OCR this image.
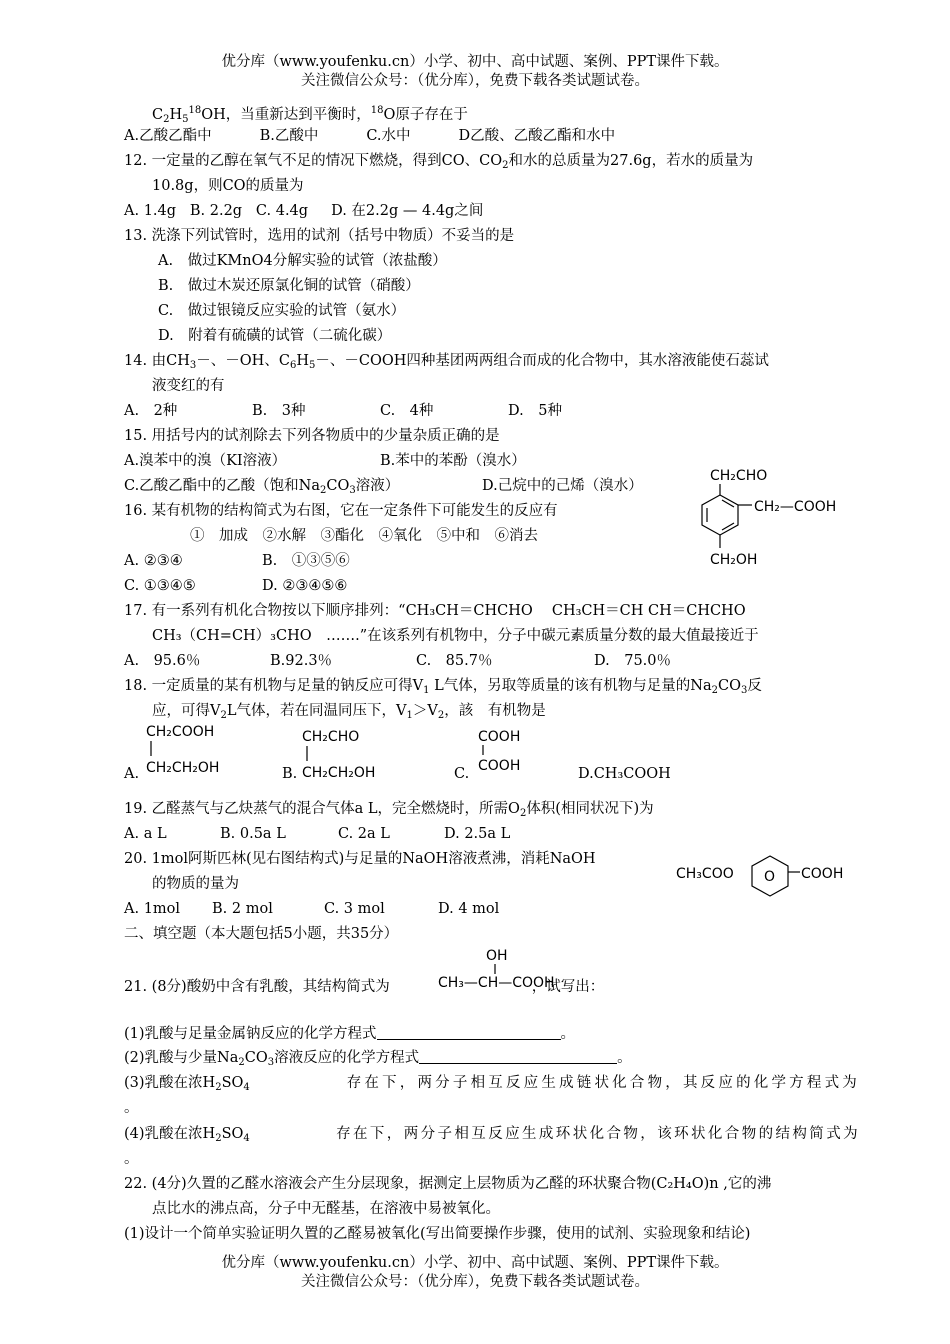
优分库（www.youfenku.cn）小学、初中、高中试题、案例、PPT课件下载。
关注微信公众号：（优分库），免费下载各类试题试卷。
$C_2H_5^{18}OH$，当重新达到平衡时，$^{18}$O原子存在于
A.乙酸乙酯中	B.乙酸中	C.水中	D乙酸、乙酸乙酯和水中
12. 一定量的乙醇在氧气不足的情况下燃烧，得到CO、$CO_2$和水的总质量为27.6g，若水的质量为
10.8g，则CO的质量为
A. 1.4g B. 2.2g C. 4.4g D. 在2.2g — 4.4g之间
13. 洗涤下列试管时，选用的试剂（括号中物质）不妥当的是
A.　做过KMnO4分解实验的试管（浓盐酸）
B.　做过木炭还原氯化铜的试管（硝酸）
C.　做过银镜反应实验的试管（氨水）
D.　附着有硫磺的试管（二硫化碳）
14. 由$CH_3-$、－OH、$C_6H_5-$、－COOH四种基团两两组合而成的化合物中，其水溶液能使石蕊试
液变红的有
A.　2种	B.　3种	C.　4种	D.　5种
15. 用括号内的试剂除去下列各物质中的少量杂质正确的是
A.溴苯中的溴（KI溶液）	B.苯中的苯酚（溴水）
C.乙酸乙酯中的乙酸（饱和$Na_2CO_3$溶液）	D.己烷中的己烯（溴水）
CH₂CHO
CH₂—COOH
CH₂OH
16. 某有机物的结构简式为右图，它在一定条件下可能发生的反应有
①　加成　②水解　③酯化　④氧化　⑤中和　⑥消去
A. ②③④	B.　①③⑤⑥
C. ①③④⑤	D. ②③④⑤⑥
17. 有一系列有机化合物按以下顺序排列：“CH₃CH＝CHCHO　 CH₃CH＝CH CH＝CHCHO
CH₃（CH=CH）₃CHO　…….”在该系列有机物中，分子中碳元素质量分数的最大值最接近于
A.　95.6％	B.92.3％	C.　85.7％	D.　75.0％
18. 一定质量的某有机物与足量的钠反应可得$V_1$ L气体，另取等质量的该有机物与足量的$Na_2CO_3$反
应，可得$V_2L$气体，若在同温同压下，$V_1>V_2$，該　有机物是
A.
CH₂COOH
CH₂CH₂OH	B.
CH₂CHO
CH₂CH₂OH	C.
COOH
COOH	D.CH₃COOH
19. 乙醛蒸气与乙炔蒸气的混合气体a L，完全燃烧时，所需$O_2$体积(相同状况下)为
A. a L	B. 0.5a L	C. 2a L	D. 2.5a L
CH₃COO O COOH
20. 1mol阿斯匹林(见右图结构式)与足量的NaOH溶液煮沸，消耗NaOH
的物质的量为
A. 1mol B. 2 mol	C. 3 mol	D. 4 mol
二、填空题（本大题包括5小题，共35分）
21. (8分)酸奶中含有乳酸，其结构简式为	，试写出：
OH
CH₃—CH—COOH
(1)乳酸与足量金属钠反应的化学方程式	。
(2)乳酸与少量$Na_2CO_3$溶液反应的化学方程式	。
(3)乳酸在浓$H_2SO_4$	存在下，两分子相互反应生成链状化合物，其反应的化学方程式为
。
(4)乳酸在浓$H_2SO_4$	存在下，两分子相互反应生成环状化合物，该环状化合物的结构简式为
。
22. (4分)久置的乙醛水溶液会产生分层现象，据测定上层物质为乙醛的环状聚合物(C₂H₄O)n ,它的沸
点比水的沸点高，分子中无醛基，在溶液中易被氧化。
(1)设计一个简单实验证明久置的乙醛易被氧化(写出简要操作步骤，使用的试剂、实验现象和结论)
优分库（www.youfenku.cn）小学、初中、高中试题、案例、PPT课件下载。
关注微信公众号：（优分库），免费下载各类试题试卷。
